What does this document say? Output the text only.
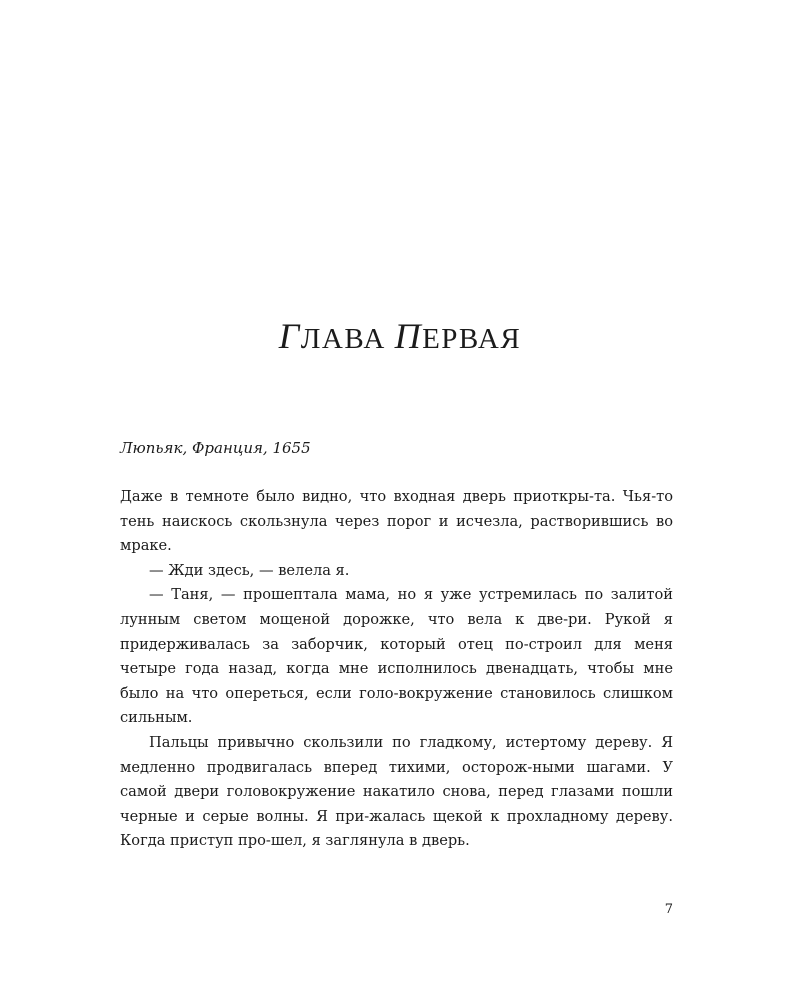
ГЛАВА ПЕРВАЯ

Люпьяк, Франция, 1655

Даже в темноте было видно, что входная дверь приоткры-та. Чья-то тень наискось скользнула через порог и исчезла, растворившись во мраке.

— Жди здесь, — велела я.

— Таня, — прошептала мама, но я уже устремилась по залитой лунным светом мощеной дорожке, что вела к две-ри. Рукой я придерживалась за заборчик, который отец по-строил для меня четыре года назад, когда мне исполнилось двенадцать, чтобы мне было на что опереться, если голо-вокружение становилось слишком сильным.

Пальцы привычно скользили по гладкому, истертому дереву. Я медленно продвигалась вперед тихими, осторож-ными шагами. У самой двери головокружение накатило снова, перед глазами пошли черные и серые волны. Я при-жалась щекой к прохладному дереву. Когда приступ про-шел, я заглянула в дверь.

7
